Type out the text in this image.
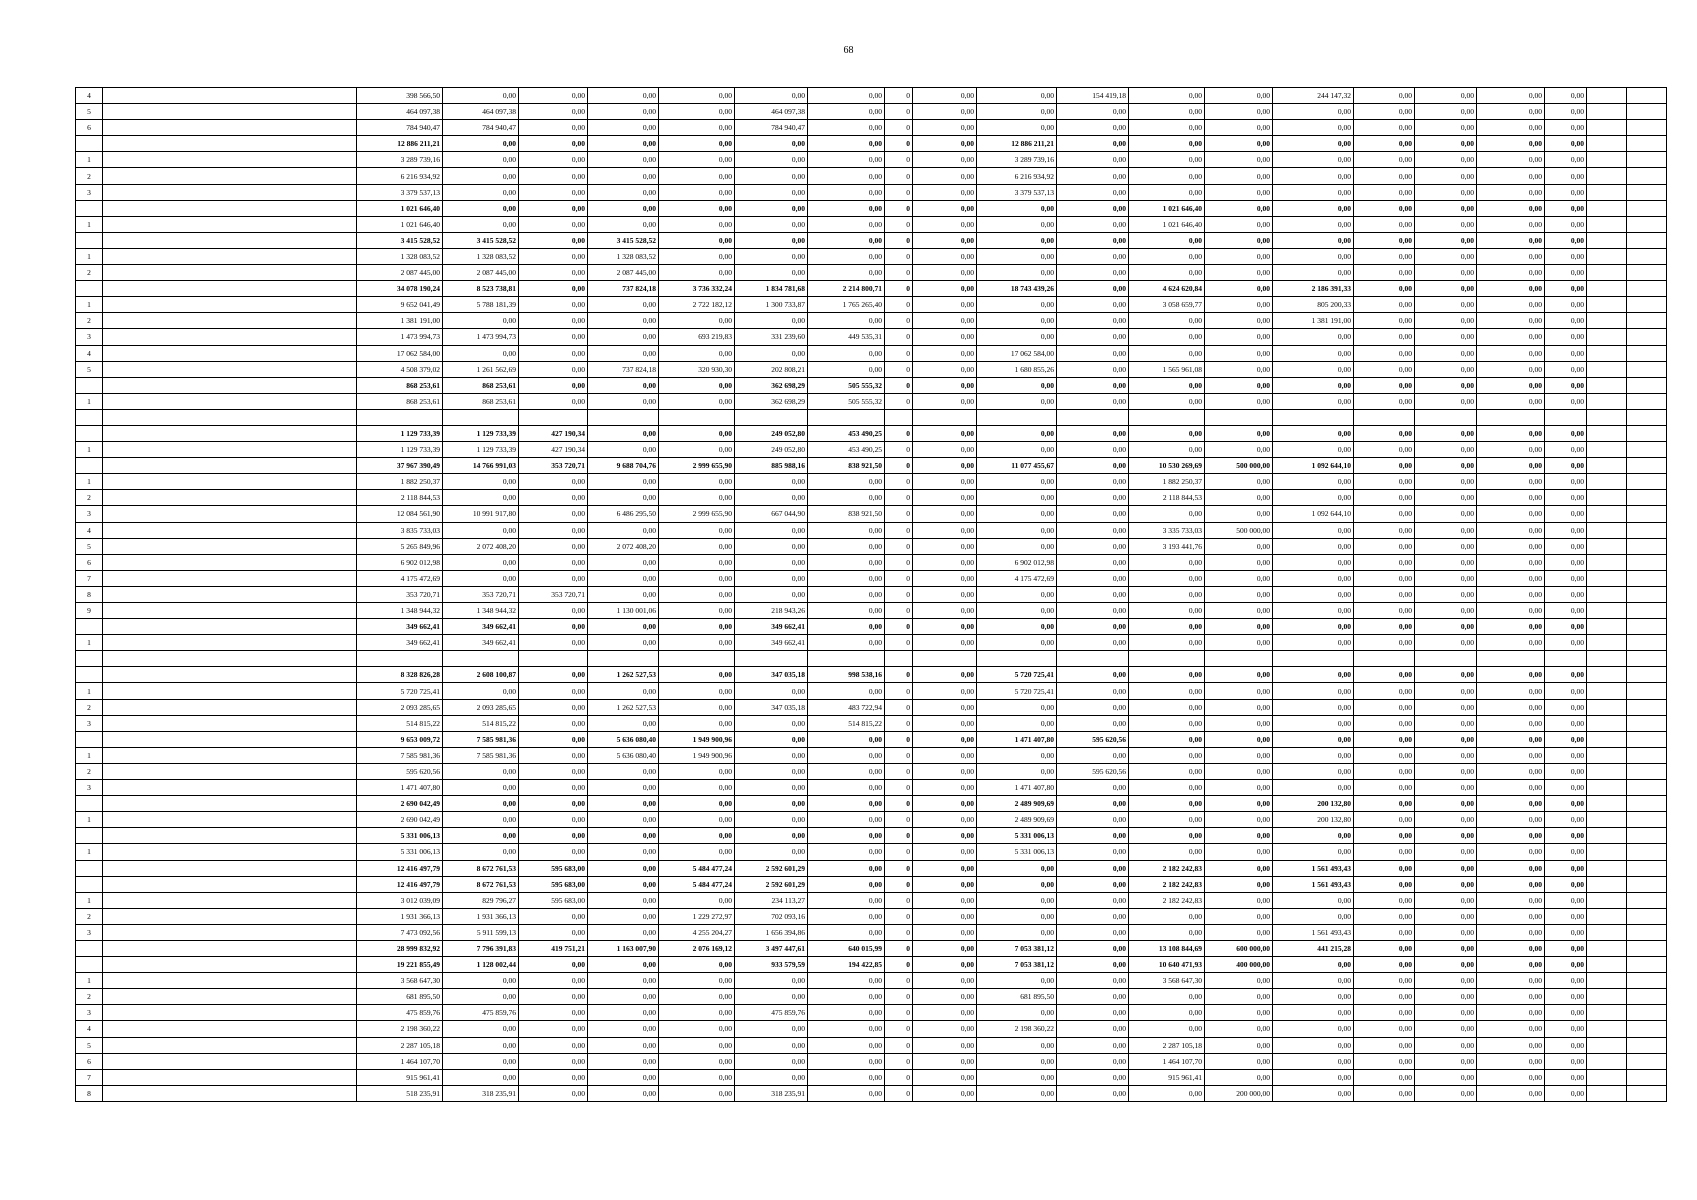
68
4		398 566,50	0,00	0,00	0,00	0,00	0,00	0,00	0	0,00	0,00	154 419,18	0,00	0,00	244 147,32	0,00	0,00	0,00	0,00		
5		464 097,38	464 097,38	0,00	0,00	0,00	464 097,38	0,00	0	0,00	0,00	0,00	0,00	0,00	0,00	0,00	0,00	0,00	0,00		
6		784 940,47	784 940,47	0,00	0,00	0,00	784 940,47	0,00	0	0,00	0,00	0,00	0,00	0,00	0,00	0,00	0,00	0,00	0,00		
		12 886 211,21	0,00	0,00	0,00	0,00	0,00	0,00	0	0,00	12 886 211,21	0,00	0,00	0,00	0,00	0,00	0,00	0,00	0,00		
1		3 289 739,16	0,00	0,00	0,00	0,00	0,00	0,00	0	0,00	3 289 739,16	0,00	0,00	0,00	0,00	0,00	0,00	0,00	0,00		
2		6 216 934,92	0,00	0,00	0,00	0,00	0,00	0,00	0	0,00	6 216 934,92	0,00	0,00	0,00	0,00	0,00	0,00	0,00	0,00		
3		3 379 537,13	0,00	0,00	0,00	0,00	0,00	0,00	0	0,00	3 379 537,13	0,00	0,00	0,00	0,00	0,00	0,00	0,00	0,00		
		1 021 646,40	0,00	0,00	0,00	0,00	0,00	0,00	0	0,00	0,00	0,00	1 021 646,40	0,00	0,00	0,00	0,00	0,00	0,00		
1		1 021 646,40	0,00	0,00	0,00	0,00	0,00	0,00	0	0,00	0,00	0,00	1 021 646,40	0,00	0,00	0,00	0,00	0,00	0,00		
		3 415 528,52	3 415 528,52	0,00	3 415 528,52	0,00	0,00	0,00	0	0,00	0,00	0,00	0,00	0,00	0,00	0,00	0,00	0,00	0,00		
1		1 328 083,52	1 328 083,52	0,00	1 328 083,52	0,00	0,00	0,00	0	0,00	0,00	0,00	0,00	0,00	0,00	0,00	0,00	0,00	0,00		
2		2 087 445,00	2 087 445,00	0,00	2 087 445,00	0,00	0,00	0,00	0	0,00	0,00	0,00	0,00	0,00	0,00	0,00	0,00	0,00	0,00		
		34 078 190,24	8 523 738,81	0,00	737 824,18	3 736 332,24	1 834 781,68	2 214 800,71	0	0,00	18 743 439,26	0,00	4 624 620,84	0,00	2 186 391,33	0,00	0,00	0,00	0,00		
1		9 652 041,49	5 788 181,39	0,00	0,00	2 722 182,12	1 300 733,87	1 765 265,40	0	0,00	0,00	0,00	3 058 659,77	0,00	805 200,33	0,00	0,00	0,00	0,00		
2		1 381 191,00	0,00	0,00	0,00	0,00	0,00	0,00	0	0,00	0,00	0,00	0,00	0,00	1 381 191,00	0,00	0,00	0,00	0,00		
3		1 473 994,73	1 473 994,73	0,00	0,00	693 219,83	331 239,60	449 535,31	0	0,00	0,00	0,00	0,00	0,00	0,00	0,00	0,00	0,00	0,00		
4		17 062 584,00	0,00	0,00	0,00	0,00	0,00	0,00	0	0,00	17 062 584,00	0,00	0,00	0,00	0,00	0,00	0,00	0,00	0,00		
5		4 508 379,02	1 261 562,69	0,00	737 824,18	320 930,30	202 808,21	0,00	0	0,00	1 680 855,26	0,00	1 565 961,08	0,00	0,00	0,00	0,00	0,00	0,00		
		868 253,61	868 253,61	0,00	0,00	0,00	362 698,29	505 555,32	0	0,00	0,00	0,00	0,00	0,00	0,00	0,00	0,00	0,00	0,00		
1		868 253,61	868 253,61	0,00	0,00	0,00	362 698,29	505 555,32	0	0,00	0,00	0,00	0,00	0,00	0,00	0,00	0,00	0,00	0,00		

		1 129 733,39	1 129 733,39	427 190,34	0,00	0,00	249 052,80	453 490,25	0	0,00	0,00	0,00	0,00	0,00	0,00	0,00	0,00	0,00	0,00		
1		1 129 733,39	1 129 733,39	427 190,34	0,00	0,00	249 052,80	453 490,25	0	0,00	0,00	0,00	0,00	0,00	0,00	0,00	0,00	0,00	0,00		
		37 967 390,49	14 766 991,03	353 720,71	9 688 704,76	2 999 655,90	885 988,16	838 921,50	0	0,00	11 077 455,67	0,00	10 530 269,69	500 000,00	1 092 644,10	0,00	0,00	0,00	0,00		
1		1 882 250,37	0,00	0,00	0,00	0,00	0,00	0,00	0	0,00	0,00	0,00	1 882 250,37	0,00	0,00	0,00	0,00	0,00	0,00		
2		2 118 844,53	0,00	0,00	0,00	0,00	0,00	0,00	0	0,00	0,00	0,00	2 118 844,53	0,00	0,00	0,00	0,00	0,00	0,00		
3		12 084 561,90	10 991 917,80	0,00	6 486 295,50	2 999 655,90	667 044,90	838 921,50	0	0,00	0,00	0,00	0,00	0,00	1 092 644,10	0,00	0,00	0,00	0,00		
4		3 835 733,03	0,00	0,00	0,00	0,00	0,00	0,00	0	0,00	0,00	0,00	3 335 733,03	500 000,00	0,00	0,00	0,00	0,00	0,00		
5		5 265 849,96	2 072 408,20	0,00	2 072 408,20	0,00	0,00	0,00	0	0,00	0,00	0,00	3 193 441,76	0,00	0,00	0,00	0,00	0,00	0,00		
6		6 902 012,98	0,00	0,00	0,00	0,00	0,00	0,00	0	0,00	6 902 012,98	0,00	0,00	0,00	0,00	0,00	0,00	0,00	0,00		
7		4 175 472,69	0,00	0,00	0,00	0,00	0,00	0,00	0	0,00	4 175 472,69	0,00	0,00	0,00	0,00	0,00	0,00	0,00	0,00		
8		353 720,71	353 720,71	353 720,71	0,00	0,00	0,00	0,00	0	0,00	0,00	0,00	0,00	0,00	0,00	0,00	0,00	0,00	0,00		
9		1 348 944,32	1 348 944,32	0,00	1 130 001,06	0,00	218 943,26	0,00	0	0,00	0,00	0,00	0,00	0,00	0,00	0,00	0,00	0,00	0,00		
		349 662,41	349 662,41	0,00	0,00	0,00	349 662,41	0,00	0	0,00	0,00	0,00	0,00	0,00	0,00	0,00	0,00	0,00	0,00		
1		349 662,41	349 662,41	0,00	0,00	0,00	349 662,41	0,00	0	0,00	0,00	0,00	0,00	0,00	0,00	0,00	0,00	0,00	0,00		

		8 328 826,28	2 608 100,87	0,00	1 262 527,53	0,00	347 035,18	998 538,16	0	0,00	5 720 725,41	0,00	0,00	0,00	0,00	0,00	0,00	0,00	0,00		
1		5 720 725,41	0,00	0,00	0,00	0,00	0,00	0,00	0	0,00	5 720 725,41	0,00	0,00	0,00	0,00	0,00	0,00	0,00	0,00		
2		2 093 285,65	2 093 285,65	0,00	1 262 527,53	0,00	347 035,18	483 722,94	0	0,00	0,00	0,00	0,00	0,00	0,00	0,00	0,00	0,00	0,00		
3		514 815,22	514 815,22	0,00	0,00	0,00	0,00	514 815,22	0	0,00	0,00	0,00	0,00	0,00	0,00	0,00	0,00	0,00	0,00		
		9 653 009,72	7 585 981,36	0,00	5 636 080,40	1 949 900,96	0,00	0,00	0	0,00	1 471 407,80	595 620,56	0,00	0,00	0,00	0,00	0,00	0,00	0,00		
1		7 585 981,36	7 585 981,36	0,00	5 636 080,40	1 949 900,96	0,00	0,00	0	0,00	0,00	0,00	0,00	0,00	0,00	0,00	0,00	0,00	0,00		
2		595 620,56	0,00	0,00	0,00	0,00	0,00	0,00	0	0,00	0,00	595 620,56	0,00	0,00	0,00	0,00	0,00	0,00	0,00		
3		1 471 407,80	0,00	0,00	0,00	0,00	0,00	0,00	0	0,00	1 471 407,80	0,00	0,00	0,00	0,00	0,00	0,00	0,00	0,00		
		2 690 042,49	0,00	0,00	0,00	0,00	0,00	0,00	0	0,00	2 489 909,69	0,00	0,00	0,00	200 132,80	0,00	0,00	0,00	0,00		
1		2 690 042,49	0,00	0,00	0,00	0,00	0,00	0,00	0	0,00	2 489 909,69	0,00	0,00	0,00	200 132,80	0,00	0,00	0,00	0,00		
		5 331 006,13	0,00	0,00	0,00	0,00	0,00	0,00	0	0,00	5 331 006,13	0,00	0,00	0,00	0,00	0,00	0,00	0,00	0,00		
1		5 331 006,13	0,00	0,00	0,00	0,00	0,00	0,00	0	0,00	5 331 006,13	0,00	0,00	0,00	0,00	0,00	0,00	0,00	0,00		
		12 416 497,79	8 672 761,53	595 683,00	0,00	5 484 477,24	2 592 601,29	0,00	0	0,00	0,00	0,00	2 182 242,83	0,00	1 561 493,43	0,00	0,00	0,00	0,00		
		12 416 497,79	8 672 761,53	595 683,00	0,00	5 484 477,24	2 592 601,29	0,00	0	0,00	0,00	0,00	2 182 242,83	0,00	1 561 493,43	0,00	0,00	0,00	0,00		
1		3 012 039,09	829 796,27	595 683,00	0,00	0,00	234 113,27	0,00	0	0,00	0,00	0,00	2 182 242,83	0,00	0,00	0,00	0,00	0,00	0,00		
2		1 931 366,13	1 931 366,13	0,00	0,00	1 229 272,97	702 093,16	0,00	0	0,00	0,00	0,00	0,00	0,00	0,00	0,00	0,00	0,00	0,00		
3		7 473 092,56	5 911 599,13	0,00	0,00	4 255 204,27	1 656 394,86	0,00	0	0,00	0,00	0,00	0,00	0,00	1 561 493,43	0,00	0,00	0,00	0,00		
		28 999 832,92	7 796 391,83	419 751,21	1 163 007,90	2 076 169,12	3 497 447,61	640 015,99	0	0,00	7 053 381,12	0,00	13 108 844,69	600 000,00	441 215,28	0,00	0,00	0,00	0,00		
		19 221 855,49	1 128 002,44	0,00	0,00	0,00	933 579,59	194 422,85	0	0,00	7 053 381,12	0,00	10 640 471,93	400 000,00	0,00	0,00	0,00	0,00	0,00		
1		3 568 647,30	0,00	0,00	0,00	0,00	0,00	0,00	0	0,00	0,00	0,00	3 568 647,30	0,00	0,00	0,00	0,00	0,00	0,00		
2		681 895,50	0,00	0,00	0,00	0,00	0,00	0,00	0	0,00	681 895,50	0,00	0,00	0,00	0,00	0,00	0,00	0,00	0,00		
3		475 859,76	475 859,76	0,00	0,00	0,00	475 859,76	0,00	0	0,00	0,00	0,00	0,00	0,00	0,00	0,00	0,00	0,00	0,00		
4		2 198 360,22	0,00	0,00	0,00	0,00	0,00	0,00	0	0,00	2 198 360,22	0,00	0,00	0,00	0,00	0,00	0,00	0,00	0,00		
5		2 287 105,18	0,00	0,00	0,00	0,00	0,00	0,00	0	0,00	0,00	0,00	2 287 105,18	0,00	0,00	0,00	0,00	0,00	0,00		
6		1 464 107,70	0,00	0,00	0,00	0,00	0,00	0,00	0	0,00	0,00	0,00	1 464 107,70	0,00	0,00	0,00	0,00	0,00	0,00		
7		915 961,41	0,00	0,00	0,00	0,00	0,00	0,00	0	0,00	0,00	0,00	915 961,41	0,00	0,00	0,00	0,00	0,00	0,00		
8		518 235,91	318 235,91	0,00	0,00	0,00	318 235,91	0,00	0	0,00	0,00	0,00	0,00	200 000,00	0,00	0,00	0,00	0,00	0,00		
